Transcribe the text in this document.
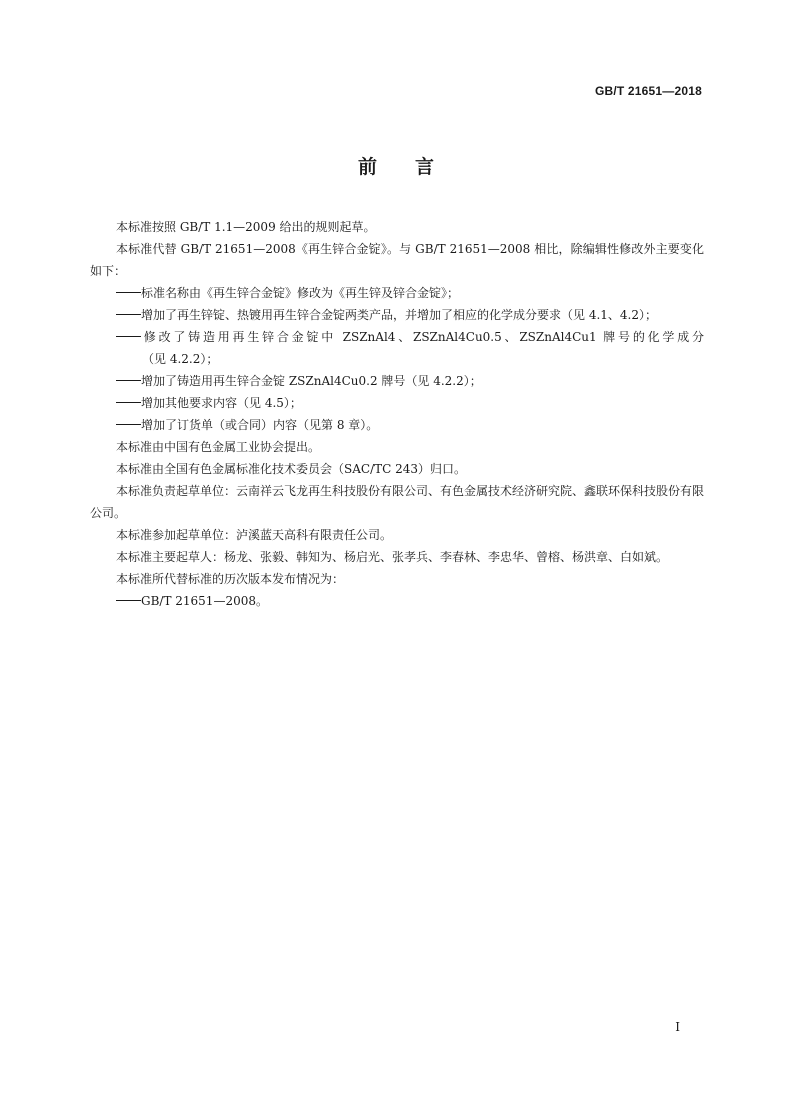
GB/T 21651—2018
前言

本标准按照 GB/T 1.1—2009 给出的规则起草。

本标准代替 GB/T 21651—2008《再生锌合金锭》。与 GB/T 21651—2008 相比，除编辑性修改外主要变化如下：

标准名称由《再生锌合金锭》修改为《再生锌及锌合金锭》；

增加了再生锌锭、热镀用再生锌合金锭两类产品，并增加了相应的化学成分要求（见 4.1、4.2）；

修改了铸造用再生锌合金锭中 ZSZnAl4、ZSZnAl4Cu0.5、ZSZnAl4Cu1 牌号的化学成分

（见 4.2.2）；

增加了铸造用再生锌合金锭 ZSZnAl4Cu0.2 牌号（见 4.2.2）；

增加其他要求内容（见 4.5）；

增加了订货单（或合同）内容（见第 8 章）。

本标准由中国有色金属工业协会提出。

本标准由全国有色金属标准化技术委员会（SAC/TC 243）归口。

本标准负责起草单位：云南祥云飞龙再生科技股份有限公司、有色金属技术经济研究院、鑫联环保科技股份有限公司。

本标准参加起草单位：泸溪蓝天高科有限责任公司。

本标准主要起草人：杨龙、张毅、韩知为、杨启光、张孝兵、李春林、李忠华、曾榕、杨洪章、白如斌。

本标准所代替标准的历次版本发布情况为：

GB/T 21651—2008。

I
